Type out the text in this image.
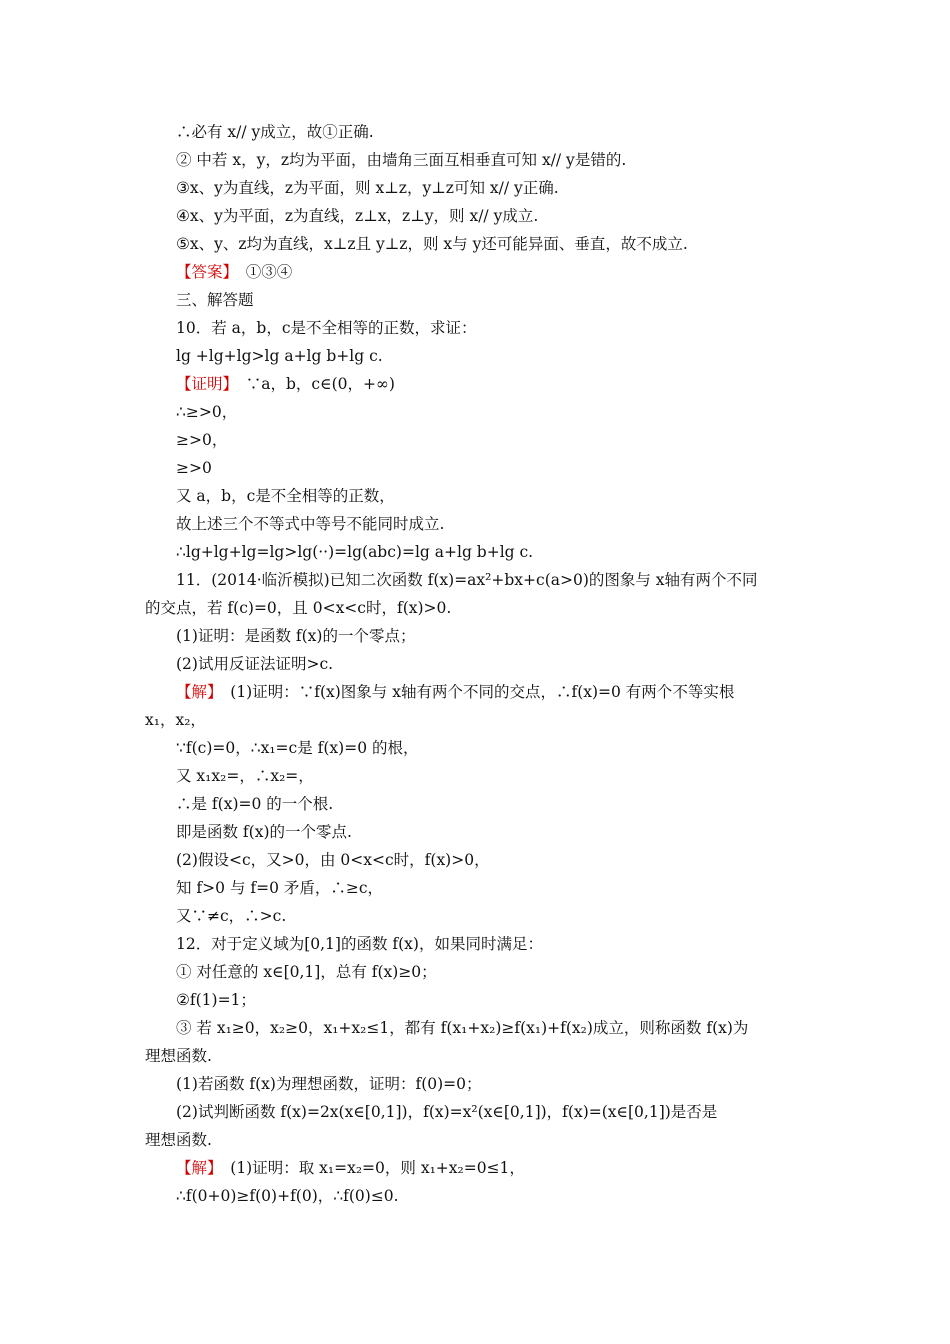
∴必有 x// y成立，故①正确.
② 中若 x，y，z均为平面，由墙角三面互相垂直可知 x// y是错的.
③x、y为直线，z为平面，则 x⊥z，y⊥z可知 x// y正确.
④x、y为平面，z为直线，z⊥x，z⊥y，则 x// y成立.
⑤x、y、z均为直线，x⊥z且 y⊥z，则 x与 y还可能异面、垂直，故不成立.
【答案】　①③④
三、解答题
10．若 a，b，c是不全相等的正数，求证：
lg +lg+lg>lg a+lg b+lg c.
【证明】　∵a，b，c∈(0，+∞)
∴≥>0，
≥>0，
≥>0
又 a，b，c是不全相等的正数，
故上述三个不等式中等号不能同时成立.
∴lg+lg+lg=lg>lg(··)=lg(abc)=lg a+lg b+lg c.
11．(2014·临沂模拟)已知二次函数 f(x)=ax²+bx+c(a>0)的图象与 x轴有两个不同
的交点，若 f(c)=0，且 0<x<c时，f(x)>0.
(1)证明：是函数 f(x)的一个零点；
(2)试用反证法证明>c.
【解】　(1)证明：∵f(x)图象与 x轴有两个不同的交点，∴f(x)=0 有两个不等实根
x₁，x₂，
∵f(c)=0，∴x₁=c是 f(x)=0 的根，
又 x₁x₂=，∴x₂=，
∴是 f(x)=0 的一个根.
即是函数 f(x)的一个零点.
(2)假设<c，又>0，由 0<x<c时，f(x)>0，
知 f>0 与 f=0 矛盾，∴≥c，
又∵≠c，∴>c.
12．对于定义域为[0,1]的函数 f(x)，如果同时满足：
① 对任意的 x∈[0,1]，总有 f(x)≥0；
②f(1)=1；
③ 若 x₁≥0，x₂≥0，x₁+x₂≤1，都有 f(x₁+x₂)≥f(x₁)+f(x₂)成立，则称函数 f(x)为
理想函数.
(1)若函数 f(x)为理想函数，证明：f(0)=0；
(2)试判断函数 f(x)=2x(x∈[0,1])，f(x)=x²(x∈[0,1])，f(x)=(x∈[0,1])是否是
理想函数.
【解】　(1)证明：取 x₁=x₂=0，则 x₁+x₂=0≤1，
∴f(0+0)≥f(0)+f(0)，∴f(0)≤0.
